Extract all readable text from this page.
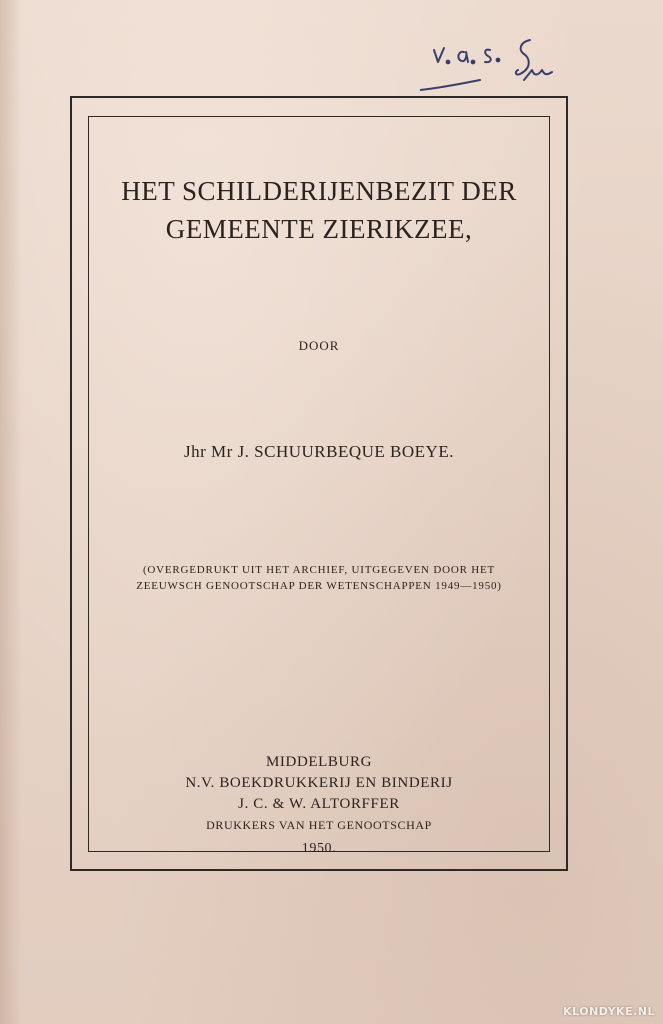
HET SCHILDERIJENBEZIT DER
GEMEENTE ZIERIKZEE,
DOOR
Jhr Mr J. SCHUURBEQUE BOEYE.
(OVERGEDRUKT UIT HET ARCHIEF, UITGEGEVEN DOOR HET
ZEEUWSCH GENOOTSCHAP DER WETENSCHAPPEN 1949—1950)
MIDDELBURG
N.V. BOEKDRUKKERIJ EN BINDERIJ
J. C. & W. ALTORFFER
DRUKKERS VAN HET GENOOTSCHAP
1950.
KLONDYKE.NL
